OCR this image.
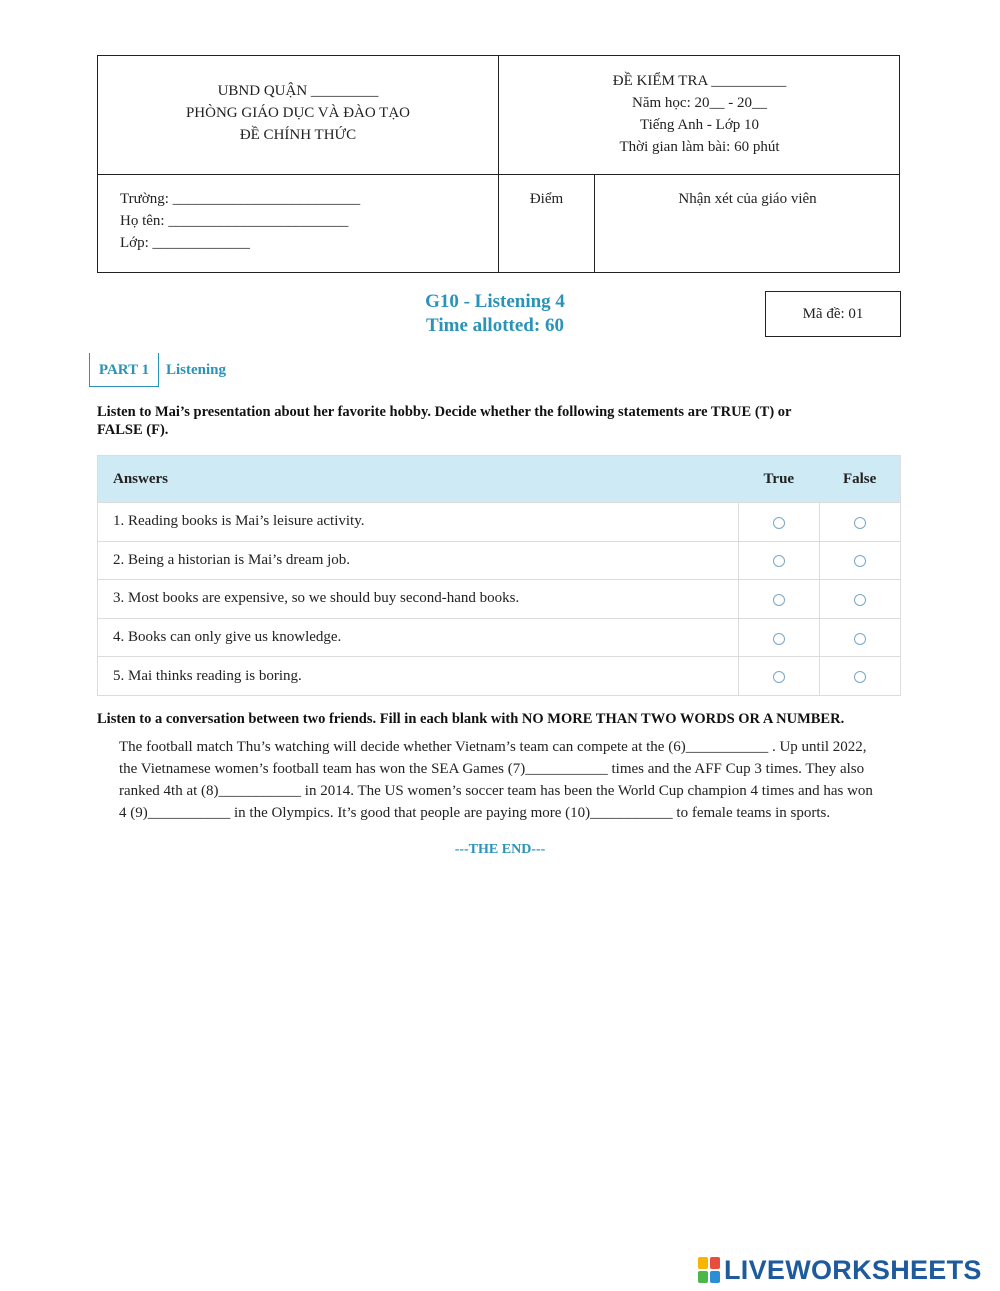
UBND QUẬN _________
PHÒNG GIÁO DỤC VÀ ĐÀO TẠO
ĐỀ CHÍNH THỨC
ĐỀ KIỂM TRA __________
Năm học: 20__ - 20__
Tiếng Anh - Lớp 10
Thời gian làm bài: 60 phút
Trường: _________________________
Họ tên: ________________________
Lớp: _____________
Điểm	Nhận xét của giáo viên
G10 - Listening 4
Time allotted: 60
Mã đề: 01
PART 1	Listening
Listen to Mai’s presentation about her favorite hobby. Decide whether the following statements are TRUE (T) or FALSE (F).
Answers	True	False
1. Reading books is Mai’s leisure activity.
2. Being a historian is Mai’s dream job.
3. Most books are expensive, so we should buy second-hand books.
4. Books can only give us knowledge.
5. Mai thinks reading is boring.
Listen to a conversation between two friends. Fill in each blank with NO MORE THAN TWO WORDS OR A NUMBER.
The football match Thu’s watching will decide whether Vietnam’s team can compete at the (6)___________ . Up until 2022,
the Vietnamese women’s football team has won the SEA Games (7)___________ times and the AFF Cup 3 times. They also
ranked 4th at (8)___________ in 2014. The US women’s soccer team has been the World Cup champion 4 times and has won
4 (9)___________ in the Olympics. It’s good that people are paying more (10)___________ to female teams in sports.
---THE END---
LIVEWORKSHEETS
